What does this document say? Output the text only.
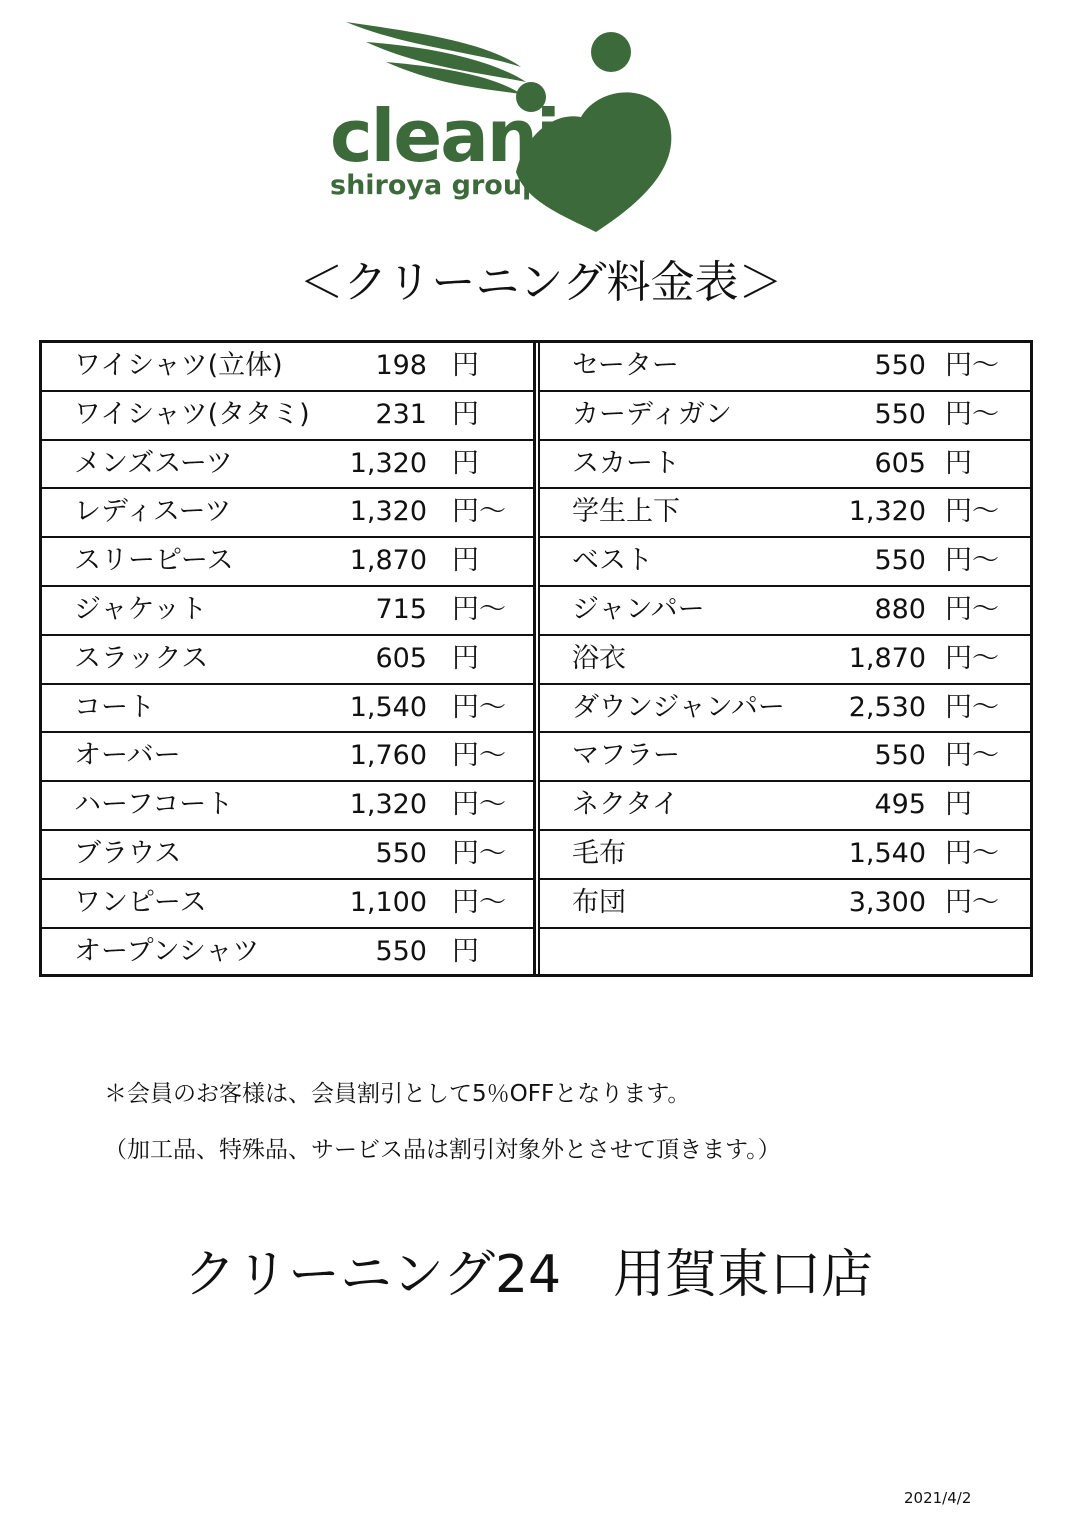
cleaning
shiroya group
＜クリーニング料金表＞
ワイシャツ(立体)	198 円
ワイシャツ(タタミ) 231 円
メンズスーツ	1,320 円
レディスーツ	1,320 円～
スリーピース	1,870 円
ジャケット	715 円～
スラックス	605 円
コート	1,540 円～
オーバー	1,760 円～
ハーフコート	1,320 円～
ブラウス	550 円～
ワンピース	1,100 円～
オープンシャツ	550 円
セーター	550 円～
カーディガン	550 円～
スカート	605 円
学生上下	1,320 円～
ベスト	550 円～
ジャンパー	880 円～
浴衣	1,870 円～
ダウンジャンパー 2,530 円～
マフラー	550 円～
ネクタイ	495 円
毛布	1,540 円～
布団	3,300 円～
＊会員のお客様は、会員割引として5％OFFとなります。
（加工品、特殊品、サービス品は割引対象外とさせて頂きます。）
クリーニング24　用賀東口店
2021/4/2
